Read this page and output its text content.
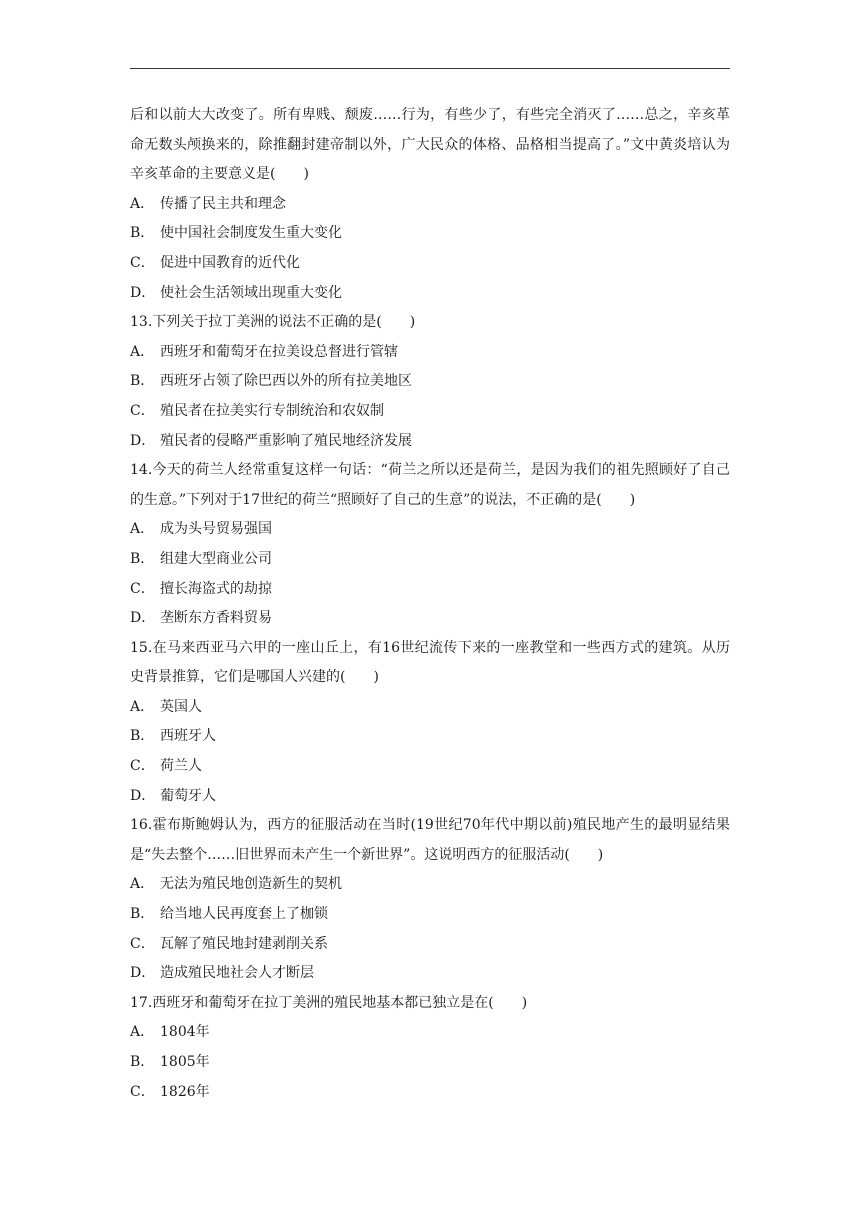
后和以前大大改变了。所有卑贱、颓废……行为，有些少了，有些完全消灭了……总之，辛亥革命无数头颅换来的，除推翻封建帝制以外，广大民众的体格、品格相当提高了。”文中黄炎培认为辛亥革命的主要意义是(　　)

A． 传播了民主共和理念
B． 使中国社会制度发生重大变化
C． 促进中国教育的近代化
D． 使社会生活领域出现重大变化

13.下列关于拉丁美洲的说法不正确的是(　　)

A． 西班牙和葡萄牙在拉美设总督进行管辖
B． 西班牙占领了除巴西以外的所有拉美地区
C． 殖民者在拉美实行专制统治和农奴制
D． 殖民者的侵略严重影响了殖民地经济发展

14.今天的荷兰人经常重复这样一句话：“荷兰之所以还是荷兰，是因为我们的祖先照顾好了自己的生意。”下列对于17世纪的荷兰“照顾好了自己的生意”的说法，不正确的是(　　)

A． 成为头号贸易强国
B． 组建大型商业公司
C． 擅长海盗式的劫掠
D． 垄断东方香料贸易

15.在马来西亚马六甲的一座山丘上，有16世纪流传下来的一座教堂和一些西方式的建筑。从历史背景推算，它们是哪国人兴建的(　　)

A． 英国人
B． 西班牙人
C． 荷兰人
D． 葡萄牙人

16.霍布斯鲍姆认为，西方的征服活动在当时(19世纪70年代中期以前)殖民地产生的最明显结果是“失去整个……旧世界而未产生一个新世界”。这说明西方的征服活动(　　)

A． 无法为殖民地创造新生的契机
B． 给当地人民再度套上了枷锁
C． 瓦解了殖民地封建剥削关系
D． 造成殖民地社会人才断层

17.西班牙和葡萄牙在拉丁美洲的殖民地基本都已独立是在(　　)

A． 1804年
B． 1805年
C． 1826年
